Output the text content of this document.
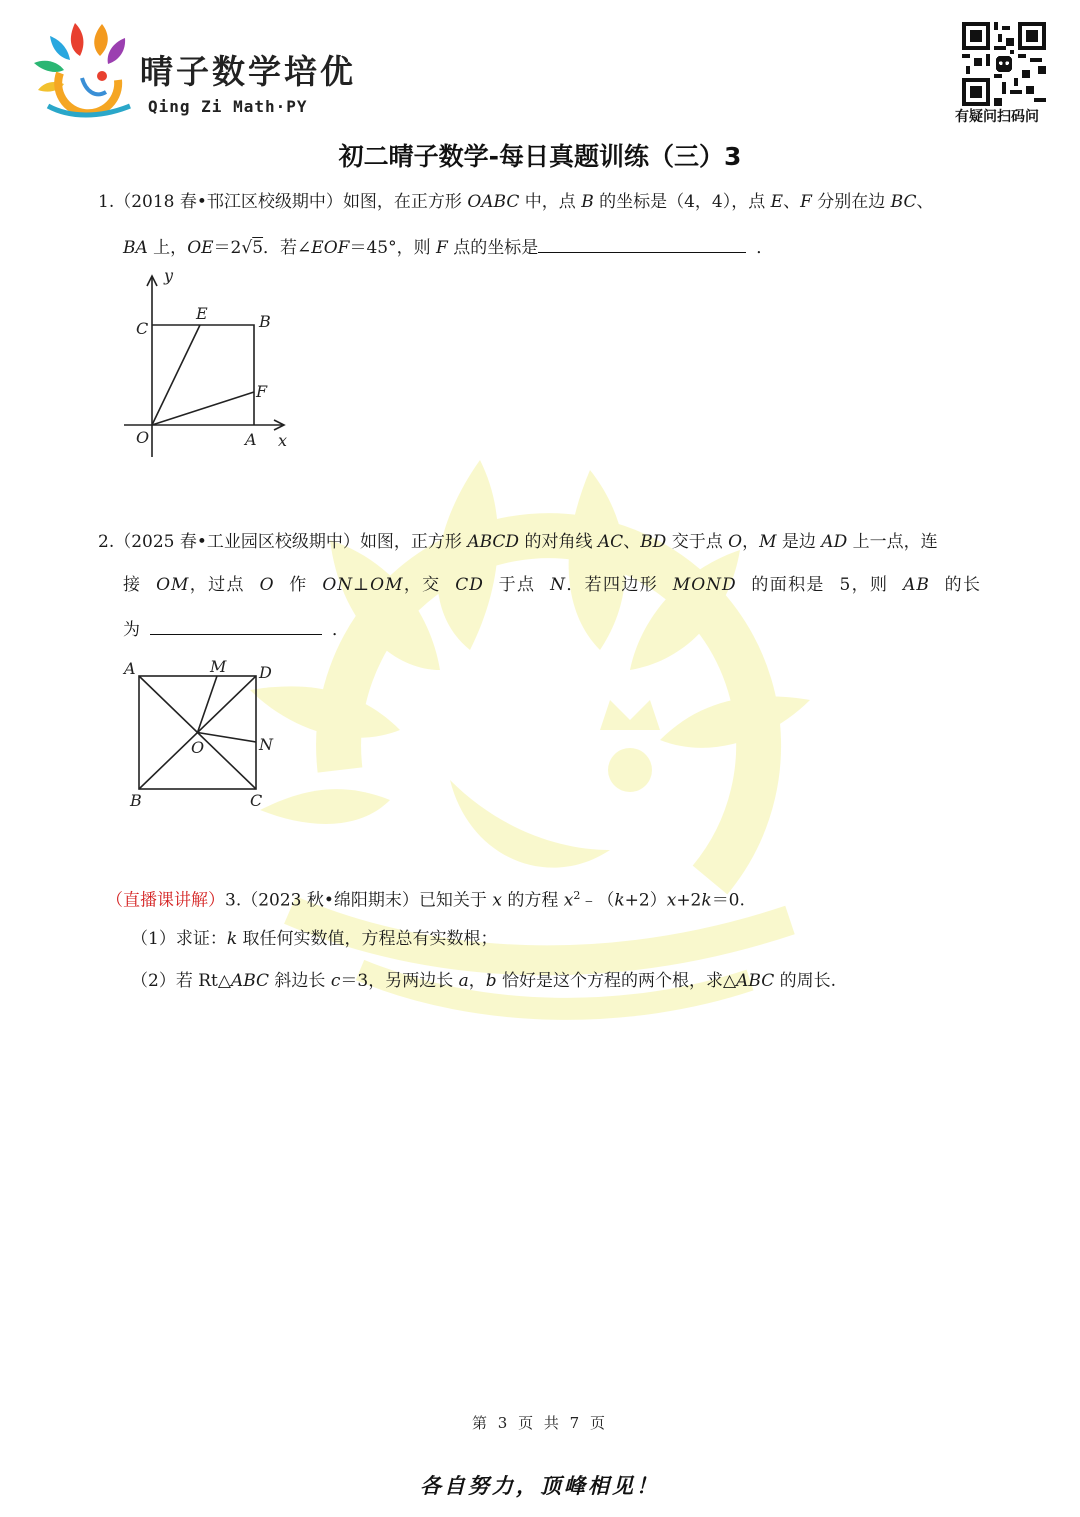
晴子数学培优
Qing Zi Math·PY
有疑问扫码问
初二晴子数学-每日真题训练（三）3
1.（2018 春•邗江区校级期中）如图，在正方形 OABC 中，点 B 的坐标是（4，4），点 E、F 分别在边 BC、
BA 上，OE＝2√5．若∠EOF＝45°，则 F 点的坐标是	．
y
x
O	A
B
C
E
F
2.（2025 春•工业园区校级期中）如图，正方形 ABCD 的对角线 AC、BD 交于点 O，M 是边 AD 上一点，连
接 OM，过点 O 作 ON⊥OM，交 CD 于点 N．若四边形 MOND 的面积是 5，则 AB 的长
为	．
A	M D
O	N
B	C
（直播课讲解）3.（2023 秋•绵阳期末）已知关于 x 的方程 $x^2﹣(k+2)x+2k=0$.
（1）求证：k 取任何实数值，方程总有实数根；
（2）若 Rt△ABC 斜边长 c＝3，另两边长 a，b 恰好是这个方程的两个根，求△ABC 的周长.
第 3 页 共 7 页
各自努力，顶峰相见！
